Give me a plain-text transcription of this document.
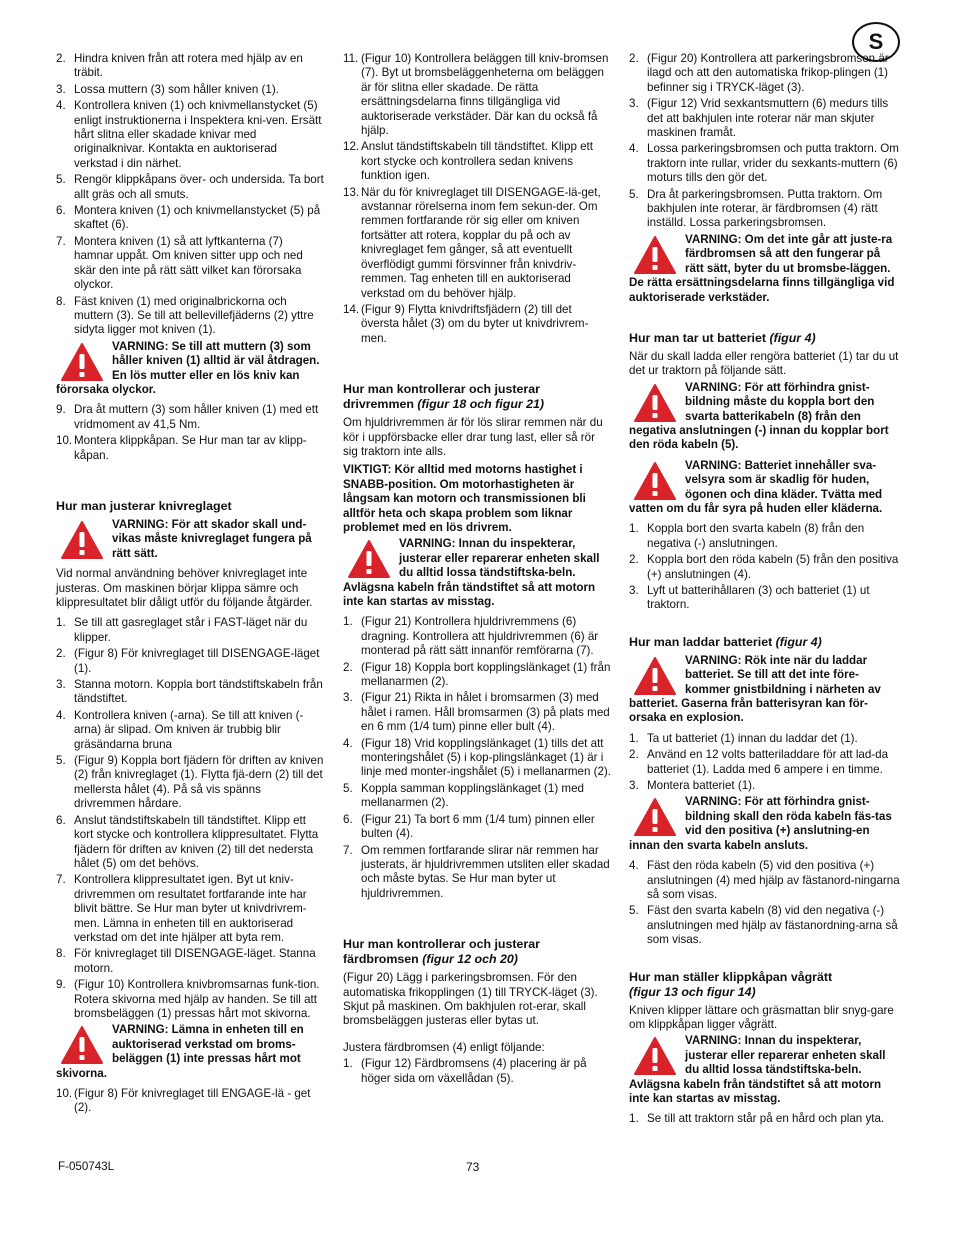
S
2. Hindra kniven från att rotera med hjälp av en träbit.
3. Lossa muttern (3) som håller kniven (1).
4. Kontrollera kniven (1) och knivmellanstycket (5) enligt instruktionerna i Inspektera kni-ven. Ersätt hårt slitna eller skadade knivar med originalknivar. Kontakta en auktoriserad verkstad i din närhet.
5. Rengör klippkåpans över- och undersida. Ta bort allt gräs och all smuts.
6. Montera kniven (1) och knivmellanstycket (5) på skaftet (6).
7. Montera kniven (1) så att lyftkanterna (7) hamnar uppåt. Om kniven sitter upp och ned skär den inte på rätt sätt vilket kan förorsaka olyckor.
8. Fäst kniven (1) med originalbrickorna och muttern (3). Se till att bellevillefjäderns (2) yttre sidyta ligger mot kniven (1).
VARNING: Se till att muttern (3) som håller kniven (1) alltid är väl åtdragen. En lös mutter eller en lös kniv kan förorsaka olyckor.
9. Dra åt muttern (3) som håller kniven (1) med ett vridmoment av 41,5 Nm.
10. Montera klippkåpan. Se Hur man tar av klipp-kåpan.
Hur man justerar knivreglaget
VARNING: För att skador skall und-vikas måste knivreglaget fungera på rätt sätt.
Vid normal användning behöver knivreglaget inte justeras. Om maskinen börjar klippa sämre och klippresultatet blir dåligt utför du följande åtgärder.
1. Se till att gasreglaget står i FAST-läget när du klipper.
2. (Figur 8) För knivreglaget till DISENGAGE-läget (1).
3. Stanna motorn. Koppla bort tändstiftskabeln från tändstiftet.
4. Kontrollera kniven (-arna). Se till att kniven (-arna) är slipad. Om kniven är trubbig blir gräsändarna bruna
5. (Figur 9) Koppla bort fjädern för driften av kniven (2) från knivreglaget (1). Flytta fjä-dern (2) till det mellersta hålet (4). På så vis spänns drivremmen hårdare.
6. Anslut tändstiftskabeln till tändstiftet. Klipp ett kort stycke och kontrollera klippresultatet. Flytta fjädern för driften av kniven (2) till det nedersta hålet (5) om det behövs.
7. Kontrollera klippresultatet igen. Byt ut kniv-drivremmen om resultatet fortfarande inte har blivit bättre. Se Hur man byter ut knivdrivrem-men. Lämna in enheten till en auktoriserad verkstad om det inte hjälper att byta rem.
8. För knivreglaget till DISENGAGE-läget. Stanna motorn.
9. (Figur 10) Kontrollera knivbromsarnas funk-tion. Rotera skivorna med hjälp av handen. Se till att bromsbeläggen (1) pressas hårt mot skivorna.
VARNING: Lämna in enheten till en auktoriserad verkstad om broms-beläggen (1) inte pressas hårt mot skivorna.
10. (Figur 8) För knivreglaget till ENGAGE-lä - get (2).
11. (Figur 10) Kontrollera beläggen till kniv-bromsen (7). Byt ut bromsbeläggenheterna om beläggen är för slitna eller skadade. De rätta ersättningsdelarna finns tillgängliga vid auktoriserade verkstäder. Där kan du också få hjälp.
12. Anslut tändstiftskabeln till tändstiftet. Klipp ett kort stycke och kontrollera sedan knivens funktion igen.
13. När du för knivreglaget till DISENGAGE-lä-get, avstannar rörelserna inom fem sekun-der. Om remmen fortfarande rör sig eller om kniven fortsätter att rotera, kopplar du på och av knivreglaget fem gånger, så att eventuellt överflödigt gummi försvinner från knivdriv-remmen. Tag enheten till en auktoriserad verkstad om du behöver hjälp.
14. (Figur 9) Flytta knivdriftsfjädern (2) till det översta hålet (3) om du byter ut knivdrivrem-men.
Hur man kontrollerar och justerar drivremmen (figur 18 och figur 21)
Om hjuldrivremmen är för lös slirar remmen när du kör i uppförsbacke eller drar tung last, eller så rör sig traktorn inte alls.
VIKTIGT: Kör alltid med motorns hastighet i SNABB-position. Om motorhastigheten är långsam kan motorn och transmissionen bli alltför heta och skapa problem som liknar problemet med en lös drivrem.
VARNING: Innan du inspekterar, justerar eller reparerar enheten skall du alltid lossa tändstiftska-beln. Avlägsna kabeln från tändstiftet så att motorn inte kan startas av misstag.
1. (Figur 21) Kontrollera hjuldrivremmens (6) dragning. Kontrollera att hjuldrivremmen (6) är monterad på rätt sätt innanför remförarna (7).
2. (Figur 18) Koppla bort kopplingslänkaget (1) från mellanarmen (2).
3. (Figur 21) Rikta in hålet i bromsarmen (3) med hålet i ramen. Håll bromsarmen (3) på plats med en 6 mm (1/4 tum) pinne eller bult (4).
4. (Figur 18) Vrid kopplingslänkaget (1) tills det att monteringshålet (5) i kop-plingslänkaget (1) är i linje med monter-ingshålet (5) i mellanarmen (2).
5. Koppla samman kopplingslänkaget (1) med mellanarmen (2).
6. (Figur 21) Ta bort 6 mm (1/4 tum) pinnen eller bulten (4).
7. Om remmen fortfarande slirar när remmen har justerats, är hjuldrivremmen utsliten eller skadad och måste bytas. Se Hur man byter ut hjuldrivremmen.
Hur man kontrollerar och justerar färdbromsen (figur 12 och 20)
(Figur 20) Lägg i parkeringsbromsen. För den automatiska frikopplingen (1) till TRYCK-läget (3). Skjut på maskinen. Om bakhjulen rot-erar, skall bromsbeläggen justeras eller bytas ut.
Justera färdbromsen (4) enligt följande:
1. (Figur 12) Färdbromsens (4) placering är på höger sida om växellådan (5).
2. (Figur 20) Kontrollera att parkeringsbromsen är ilagd och att den automatiska frikop-plingen (1) befinner sig i TRYCK-läget (3).
3. (Figur 12) Vrid sexkantsmuttern (6) medurs tills det att bakhjulen inte roterar när man skjuter maskinen framåt.
4. Lossa parkeringsbromsen och putta traktorn. Om traktorn inte rullar, vrider du sexkants-muttern (6) moturs tills den gör det.
5. Dra åt parkeringsbromsen. Putta traktorn. Om bakhjulen inte roterar, är färdbromsen (4) rätt inställd. Lossa parkeringsbromsen.
VARNING: Om det inte går att juste-ra färdbromsen så att den fungerar på rätt sätt, byter du ut bromsbe-läggen. De rätta ersättningsdelarna finns tillgängliga vid auktoriserade verkstäder.
Hur man tar ut batteriet (figur 4)
När du skall ladda eller rengöra batteriet (1) tar du ut det ur traktorn på följande sätt.
VARNING: För att förhindra gnist-bildning måste du koppla bort den svarta batterikabeln (8) från den negativa anslutningen (-) innan du kopplar bort den röda kabeln (5).
VARNING: Batteriet innehåller sva-velsyra som är skadlig för huden, ögonen och dina kläder. Tvätta med vatten om du får syra på huden eller kläderna.
1. Koppla bort den svarta kabeln (8) från den negativa (-) anslutningen.
2. Koppla bort den röda kabeln (5) från den positiva (+) anslutningen (4).
3. Lyft ut batterihållaren (3) och batteriet (1) ut traktorn.
Hur man laddar batteriet (figur 4)
VARNING: Rök inte när du laddar batteriet. Se till att det inte före-kommer gnistbildning i närheten av batteriet. Gaserna från batterisyran kan för-orsaka en explosion.
1. Ta ut batteriet (1) innan du laddar det (1).
2. Använd en 12 volts batteriladdare för att lad-da batteriet (1). Ladda med 6 ampere i en timme.
3. Montera batteriet (1).
VARNING: För att förhindra gnist-bildning skall den röda kabeln fäs-tas vid den positiva (+) anslutning-en innan den svarta kabeln ansluts.
4. Fäst den röda kabeln (5) vid den positiva (+) anslutningen (4) med hjälp av fästanord-ningarna så som visas.
5. Fäst den svarta kabeln (8) vid den negativa (-) anslutningen med hjälp av fästanordning-arna så som visas.
Hur man ställer klippkåpan vågrätt
(figur 13 och figur 14)
Kniven klipper lättare och gräsmattan blir snyg-gare om klippkåpan ligger vågrätt.
VARNING: Innan du inspekterar, justerar eller reparerar enheten skall du alltid lossa tändstiftska-beln. Avlägsna kabeln från tändstiftet så att motorn inte kan startas av misstag.
1. Se till att traktorn står på en hård och plan yta.
F-050743L	73
